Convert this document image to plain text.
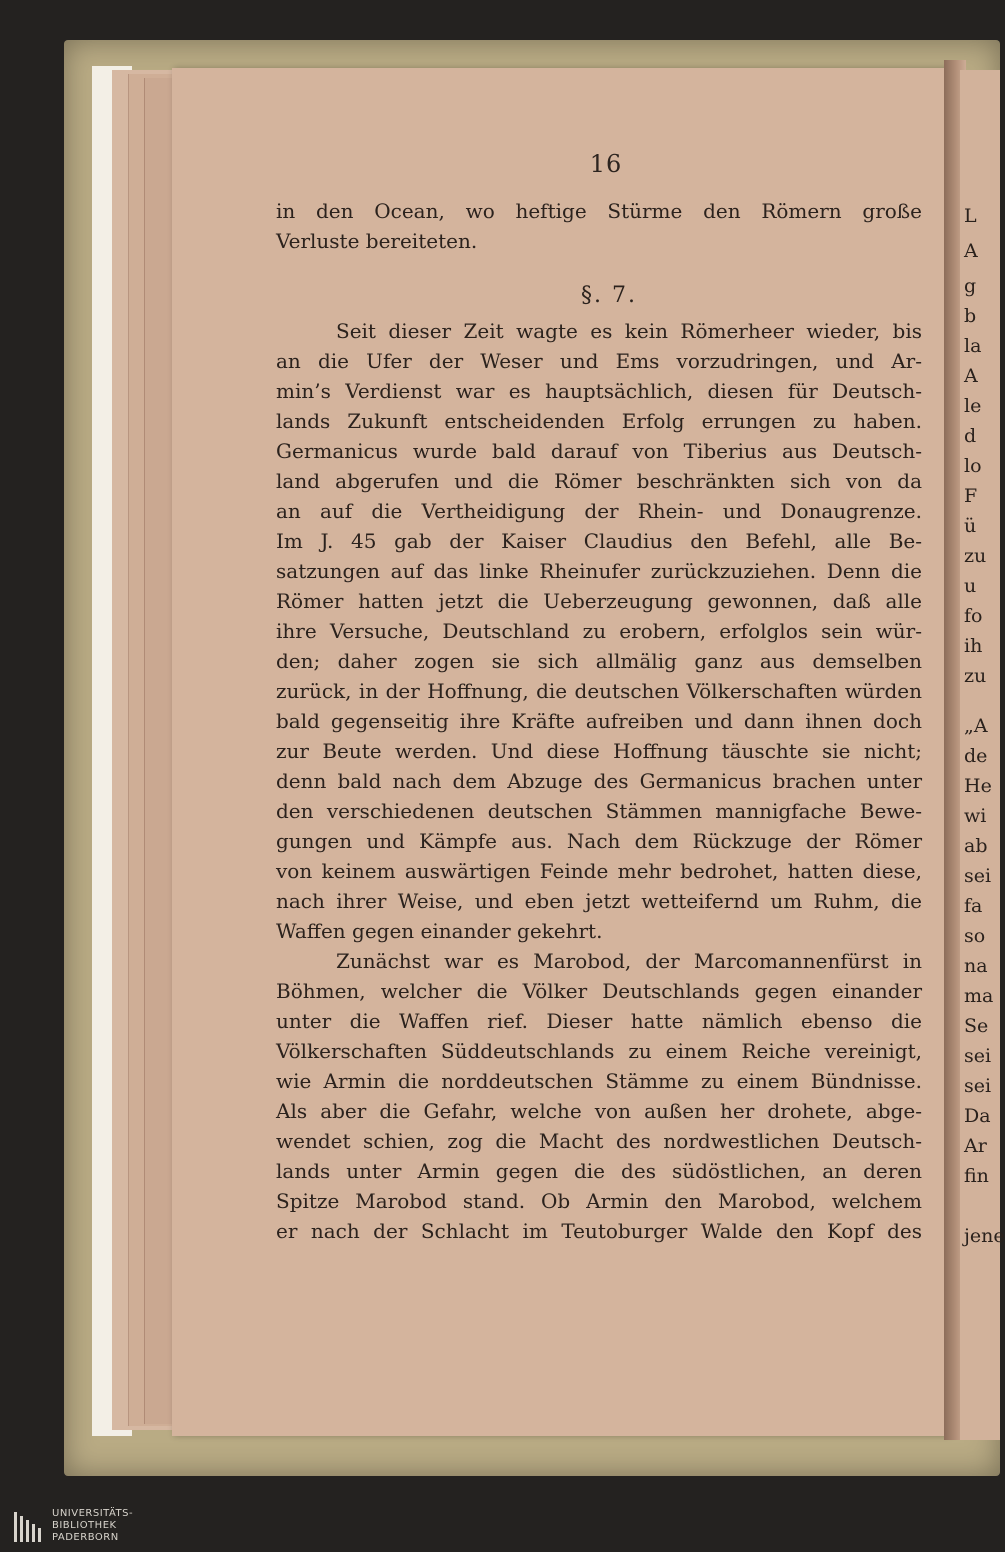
L
A
g
b
la
A
le
d
lo
F
ü
zu
u
fo
ih
zu
„A
de
He
wi
ab
sei
fa
so
na
ma
Se
sei
sei
Da
Ar
fin
jene
16
§. 7.
in den Ocean, wo heftige Stürme den Römern große
Verluste bereiteten.
Seit dieser Zeit wagte es kein Römerheer wieder, bis
an die Ufer der Weser und Ems vorzudringen, und Ar-
min’s Verdienst war es hauptsächlich, diesen für Deutsch-
lands Zukunft entscheidenden Erfolg errungen zu haben.
Germanicus wurde bald darauf von Tiberius aus Deutsch-
land abgerufen und die Römer beschränkten sich von da
an auf die Vertheidigung der Rhein- und Donaugrenze.
Im J. 45 gab der Kaiser Claudius den Befehl, alle Be-
satzungen auf das linke Rheinufer zurückzuziehen. Denn die
Römer hatten jetzt die Ueberzeugung gewonnen, daß alle
ihre Versuche, Deutschland zu erobern, erfolglos sein wür-
den; daher zogen sie sich allmälig ganz aus demselben
zurück, in der Hoffnung, die deutschen Völkerschaften würden
bald gegenseitig ihre Kräfte aufreiben und dann ihnen doch
zur Beute werden. Und diese Hoffnung täuschte sie nicht;
denn bald nach dem Abzuge des Germanicus brachen unter
den verschiedenen deutschen Stämmen mannigfache Bewe-
gungen und Kämpfe aus. Nach dem Rückzuge der Römer
von keinem auswärtigen Feinde mehr bedrohet, hatten diese,
nach ihrer Weise, und eben jetzt wetteifernd um Ruhm, die
Waffen gegen einander gekehrt.
Zunächst war es Marobod, der Marcomannenfürst in
Böhmen, welcher die Völker Deutschlands gegen einander
unter die Waffen rief. Dieser hatte nämlich ebenso die
Völkerschaften Süddeutschlands zu einem Reiche vereinigt,
wie Armin die norddeutschen Stämme zu einem Bündnisse.
Als aber die Gefahr, welche von außen her drohete, abge-
wendet schien, zog die Macht des nordwestlichen Deutsch-
lands unter Armin gegen die des südöstlichen, an deren
Spitze Marobod stand. Ob Armin den Marobod, welchem
er nach der Schlacht im Teutoburger Walde den Kopf des
UNIVERSITÄTS-
BIBLIOTHEK
PADERBORN
